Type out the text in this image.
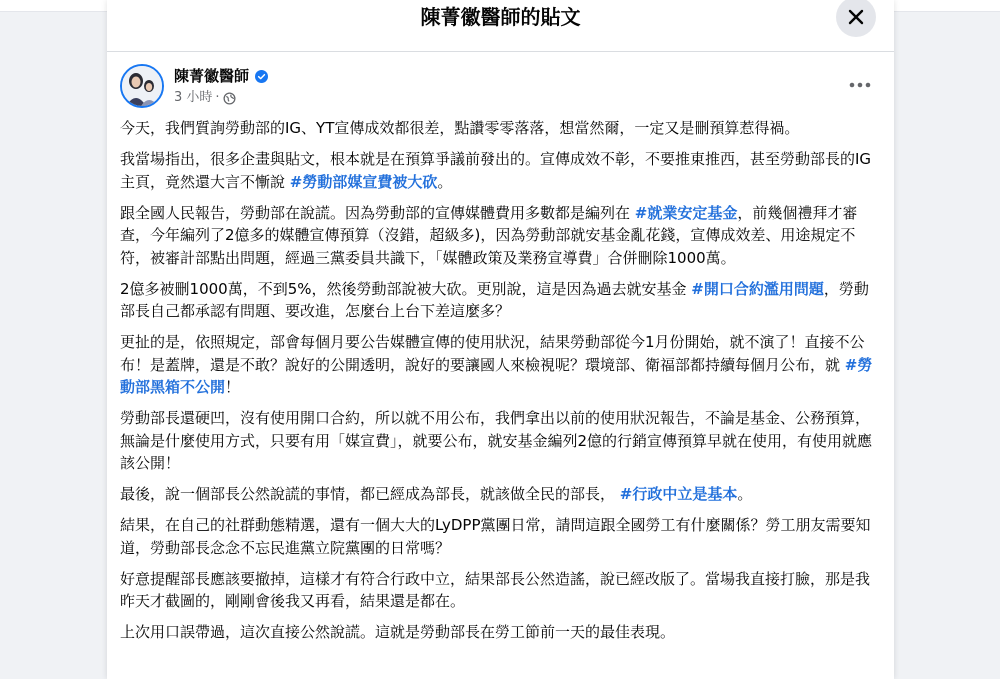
陳菁徽醫師的貼文
陳菁徽醫師
3 小時 ·

今天，我們質詢勞動部的IG、YT宣傳成效都很差，點讚零零落落，想當然爾，一定又是刪預算惹得禍。

我當場指出，很多企畫與貼文，根本就是在預算爭議前發出的。宣傳成效不彰，不要推東推西，甚至勞動部長的IG主頁，竟然還大言不慚說 #勞動部媒宣費被大砍。

跟全國人民報告，勞動部在說謊。因為勞動部的宣傳媒體費用多數都是編列在 #就業安定基金，前幾個禮拜才審查，今年編列了2億多的媒體宣傳預算（沒錯，超級多)，因為勞動部就安基金亂花錢，宣傳成效差、用途規定不符，被審計部點出問題，經過三黨委員共識下，「媒體政策及業務宣導費」合併刪除1000萬。

2億多被刪1000萬，不到5%，然後勞動部說被大砍。更別說，這是因為過去就安基金 #開口合約濫用問題，勞動部長自己都承認有問題、要改進，怎麼台上台下差這麼多？

更扯的是，依照規定，部會每個月要公告媒體宣傳的使用狀況，結果勞動部從今1月份開始，就不演了！直接不公布！是蓋牌，還是不敢？說好的公開透明，說好的要讓國人來檢視呢？環境部、衛福部都持續每個月公布，就 #勞動部黑箱不公開！

勞動部長還硬凹，沒有使用開口合約，所以就不用公布，我們拿出以前的使用狀況報告，不論是基金、公務預算，無論是什麼使用方式，只要有用「媒宣費」，就要公布，就安基金編列2億的行銷宣傳預算早就在使用，有使用就應該公開！

最後，說一個部長公然說謊的事情，都已經成為部長，就該做全民的部長， #行政中立是基本。

結果，在自己的社群動態精選，還有一個大大的LyDPP黨團日常，請問這跟全國勞工有什麼關係？勞工朋友需要知道，勞動部長念念不忘民進黨立院黨團的日常嗎？

好意提醒部長應該要撤掉，這樣才有符合行政中立，結果部長公然造謠，說已經改版了。當場我直接打臉，那是我昨天才截圖的，剛剛會後我又再看，結果還是都在。

上次用口誤帶過，這次直接公然說謊。這就是勞動部長在勞工節前一天的最佳表現。
